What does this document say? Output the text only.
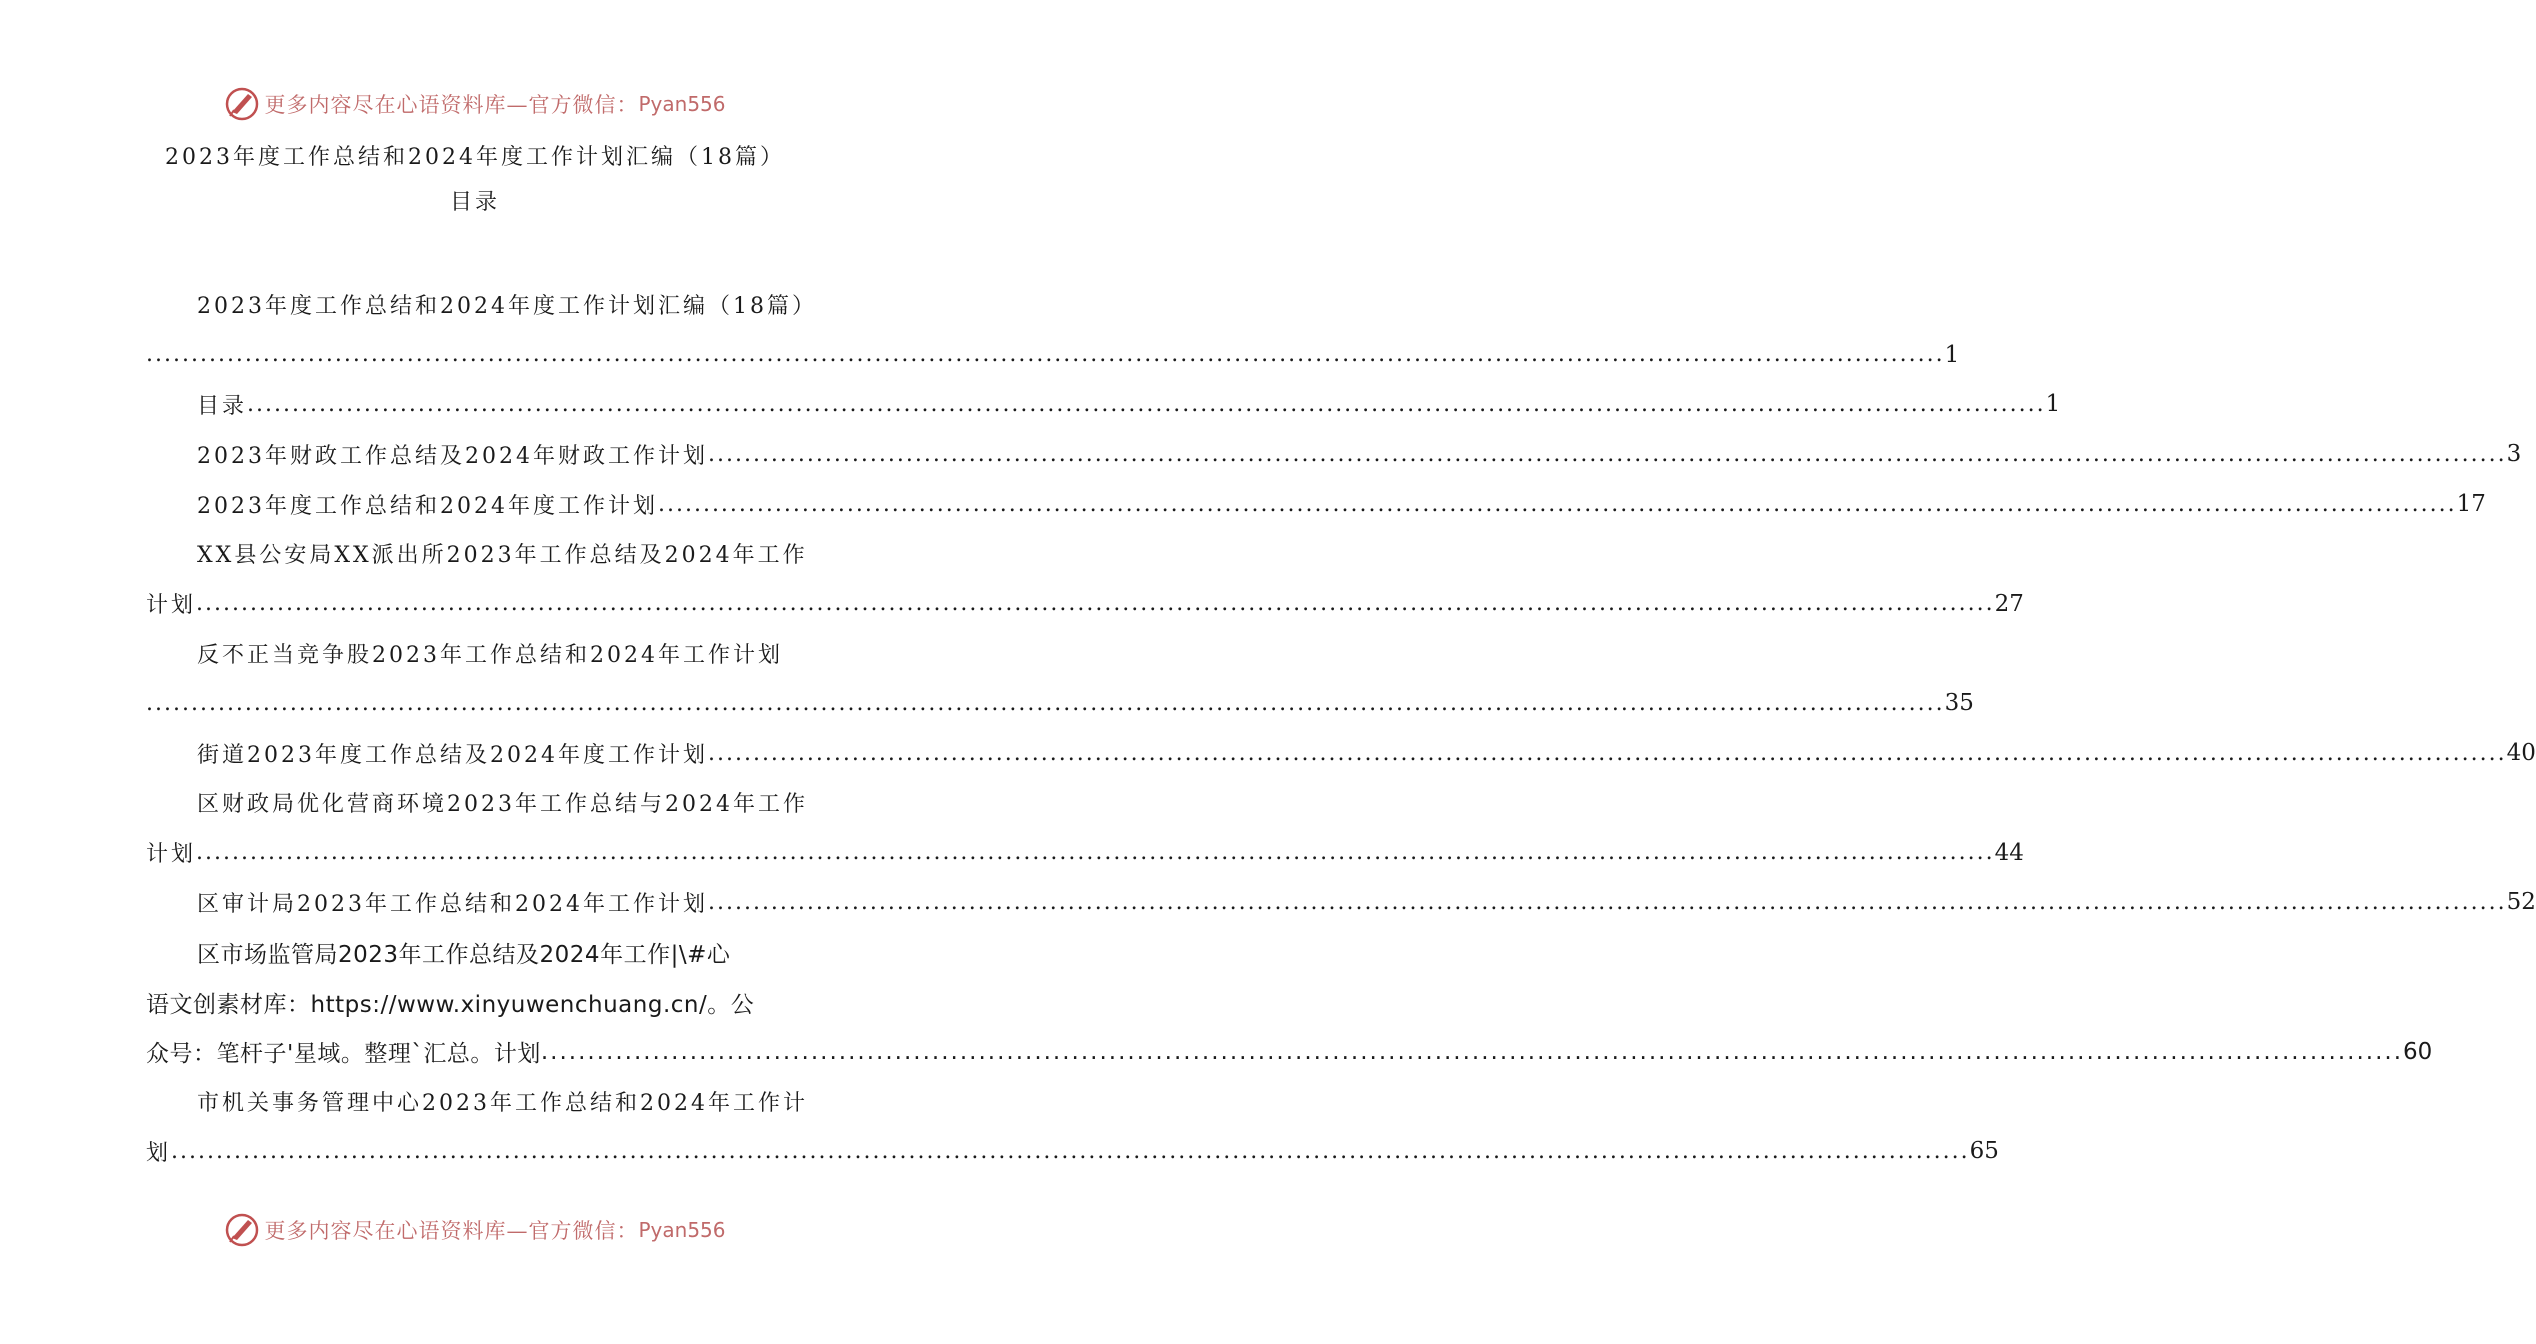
更多内容尽在心语资料库—官方微信： Pyan556
2023年度工作总结和2024年度工作计划汇编（18篇）
目录
2023年度工作总结和2024年度工作计划汇编（18篇）
........................................................................................................................................................................................................ 1
目录 ........................................................................................................................................................................................................ 1
2023年财政工作总结及2024年财政工作计划 ........................................................................................................................................................................................................ 3
2023年度工作总结和2024年度工作计划 ........................................................................................................................................................................................................ 17
XX县公安局XX派出所2023年工作总结及2024年工作
计划 ........................................................................................................................................................................................................ 27
反不正当竞争股2023年工作总结和2024年工作计划
........................................................................................................................................................................................................ 35
街道2023年度工作总结及2024年度工作计划 ........................................................................................................................................................................................................ 40
区财政局优化营商环境2023年工作总结与2024年工作
计划 ........................................................................................................................................................................................................ 44
区审计局2023年工作总结和2024年工作计划 ........................................................................................................................................................................................................ 52
区市场监管局2023年工作总结及2024年工作|\#心
语文创素材库：https://www.xinyuwenchuang.cn/。公
众号：笔杆子'星域。整理`汇总。计划 ........................................................................................................................................................................................................ 60
市机关事务管理中心2023年工作总结和2024年工作计
划 ........................................................................................................................................................................................................ 65
更多内容尽在心语资料库—官方微信： Pyan556
